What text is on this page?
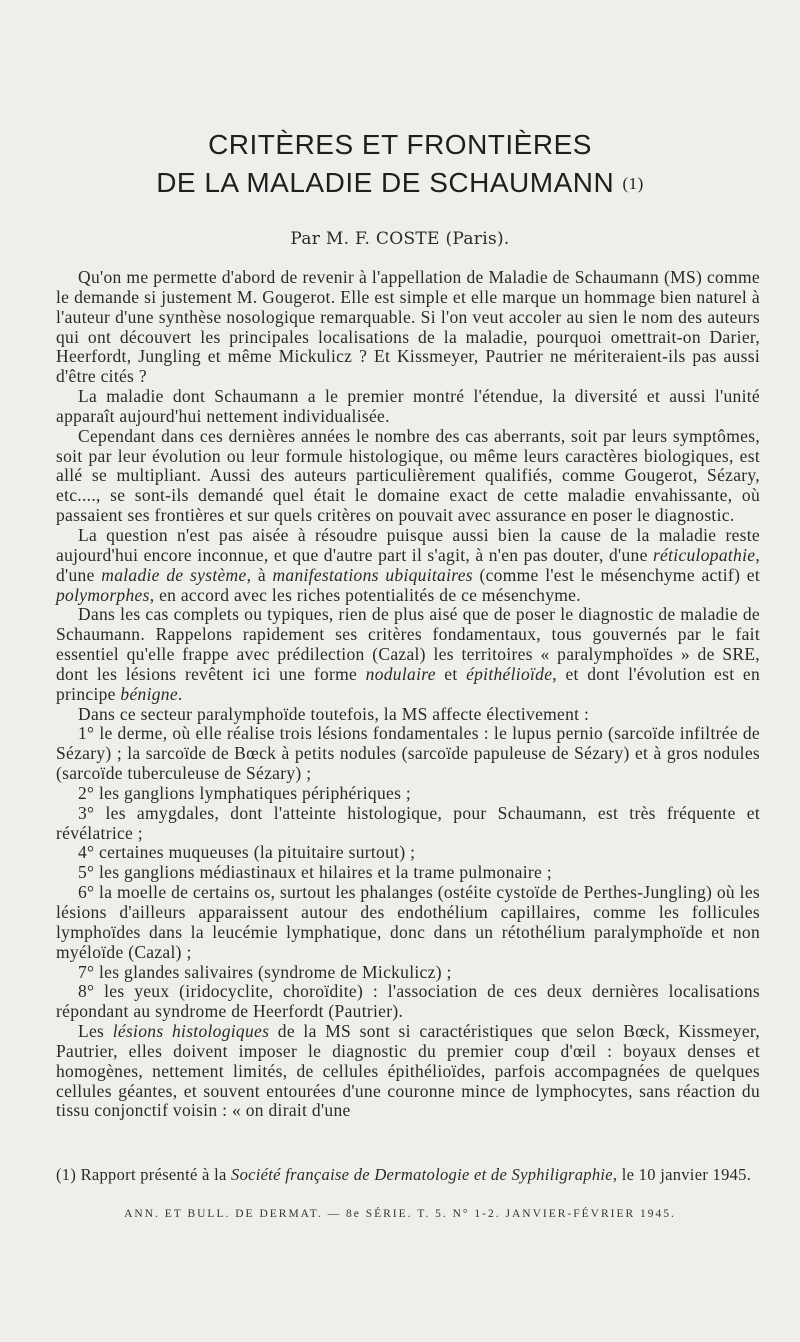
CRITÈRES ET FRONTIÈRES
DE LA MALADIE DE SCHAUMANN (1)
Par M. F. COSTE (Paris).

Qu'on me permette d'abord de revenir à l'appellation de Maladie de Schaumann (MS) comme le demande si justement M. Gougerot. Elle est simple et elle marque un hommage bien naturel à l'auteur d'une synthèse nosologique remarquable. Si l'on veut accoler au sien le nom des auteurs qui ont découvert les principales localisations de la maladie, pourquoi omettrait-on Darier, Heerfordt, Jungling et même Mickulicz ? Et Kissmeyer, Pautrier ne mériteraient-ils pas aussi d'être cités ?

La maladie dont Schaumann a le premier montré l'étendue, la diversité et aussi l'unité apparaît aujourd'hui nettement individualisée.

Cependant dans ces dernières années le nombre des cas aberrants, soit par leurs symptômes, soit par leur évolution ou leur formule histologique, ou même leurs caractères biologiques, est allé se multipliant. Aussi des auteurs particulièrement qualifiés, comme Gougerot, Sézary, etc...., se sont-ils demandé quel était le domaine exact de cette maladie envahissante, où passaient ses frontières et sur quels critères on pouvait avec assurance en poser le diagnostic.

La question n'est pas aisée à résoudre puisque aussi bien la cause de la maladie reste aujourd'hui encore inconnue, et que d'autre part il s'agit, à n'en pas douter, d'une réticulopathie, d'une maladie de système, à manifestations ubiquitaires (comme l'est le mésenchyme actif) et polymorphes, en accord avec les riches potentialités de ce mésenchyme.

Dans les cas complets ou typiques, rien de plus aisé que de poser le diagnostic de maladie de Schaumann. Rappelons rapidement ses critères fondamentaux, tous gouvernés par le fait essentiel qu'elle frappe avec prédilection (Cazal) les territoires « paralymphoïdes » de SRE, dont les lésions revêtent ici une forme nodulaire et épithélioïde, et dont l'évolution est en principe bénigne.

Dans ce secteur paralymphoïde toutefois, la MS affecte électivement :

1° le derme, où elle réalise trois lésions fondamentales : le lupus pernio (sarcoïde infiltrée de Sézary) ; la sarcoïde de Bœck à petits nodules (sarcoïde papuleuse de Sézary) et à gros nodules (sarcoïde tuberculeuse de Sézary) ;

2° les ganglions lymphatiques périphériques ;

3° les amygdales, dont l'atteinte histologique, pour Schaumann, est très fréquente et révélatrice ;

4° certaines muqueuses (la pituitaire surtout) ;

5° les ganglions médiastinaux et hilaires et la trame pulmonaire ;

6° la moelle de certains os, surtout les phalanges (ostéite cystoïde de Perthes-Jungling) où les lésions d'ailleurs apparaissent autour des endothélium capillaires, comme les follicules lymphoïdes dans la leucémie lymphatique, donc dans un rétothélium paralymphoïde et non myéloïde (Cazal) ;

7° les glandes salivaires (syndrome de Mickulicz) ;

8° les yeux (iridocyclite, choroïdite) : l'association de ces deux dernières localisations répondant au syndrome de Heerfordt (Pautrier).

Les lésions histologiques de la MS sont si caractéristiques que selon Bœck, Kissmeyer, Pautrier, elles doivent imposer le diagnostic du premier coup d'œil : boyaux denses et homogènes, nettement limités, de cellules épithélioïdes, parfois accompagnées de quelques cellules géantes, et souvent entourées d'une couronne mince de lymphocytes, sans réaction du tissu conjonctif voisin : « on dirait d'une

(1) Rapport présenté à la Société française de Dermatologie et de Syphiligraphie, le 10 janvier 1945.
ANN. ET BULL. DE DERMAT. — 8e SÉRIE. T. 5. N° 1-2. JANVIER-FÉVRIER 1945.
